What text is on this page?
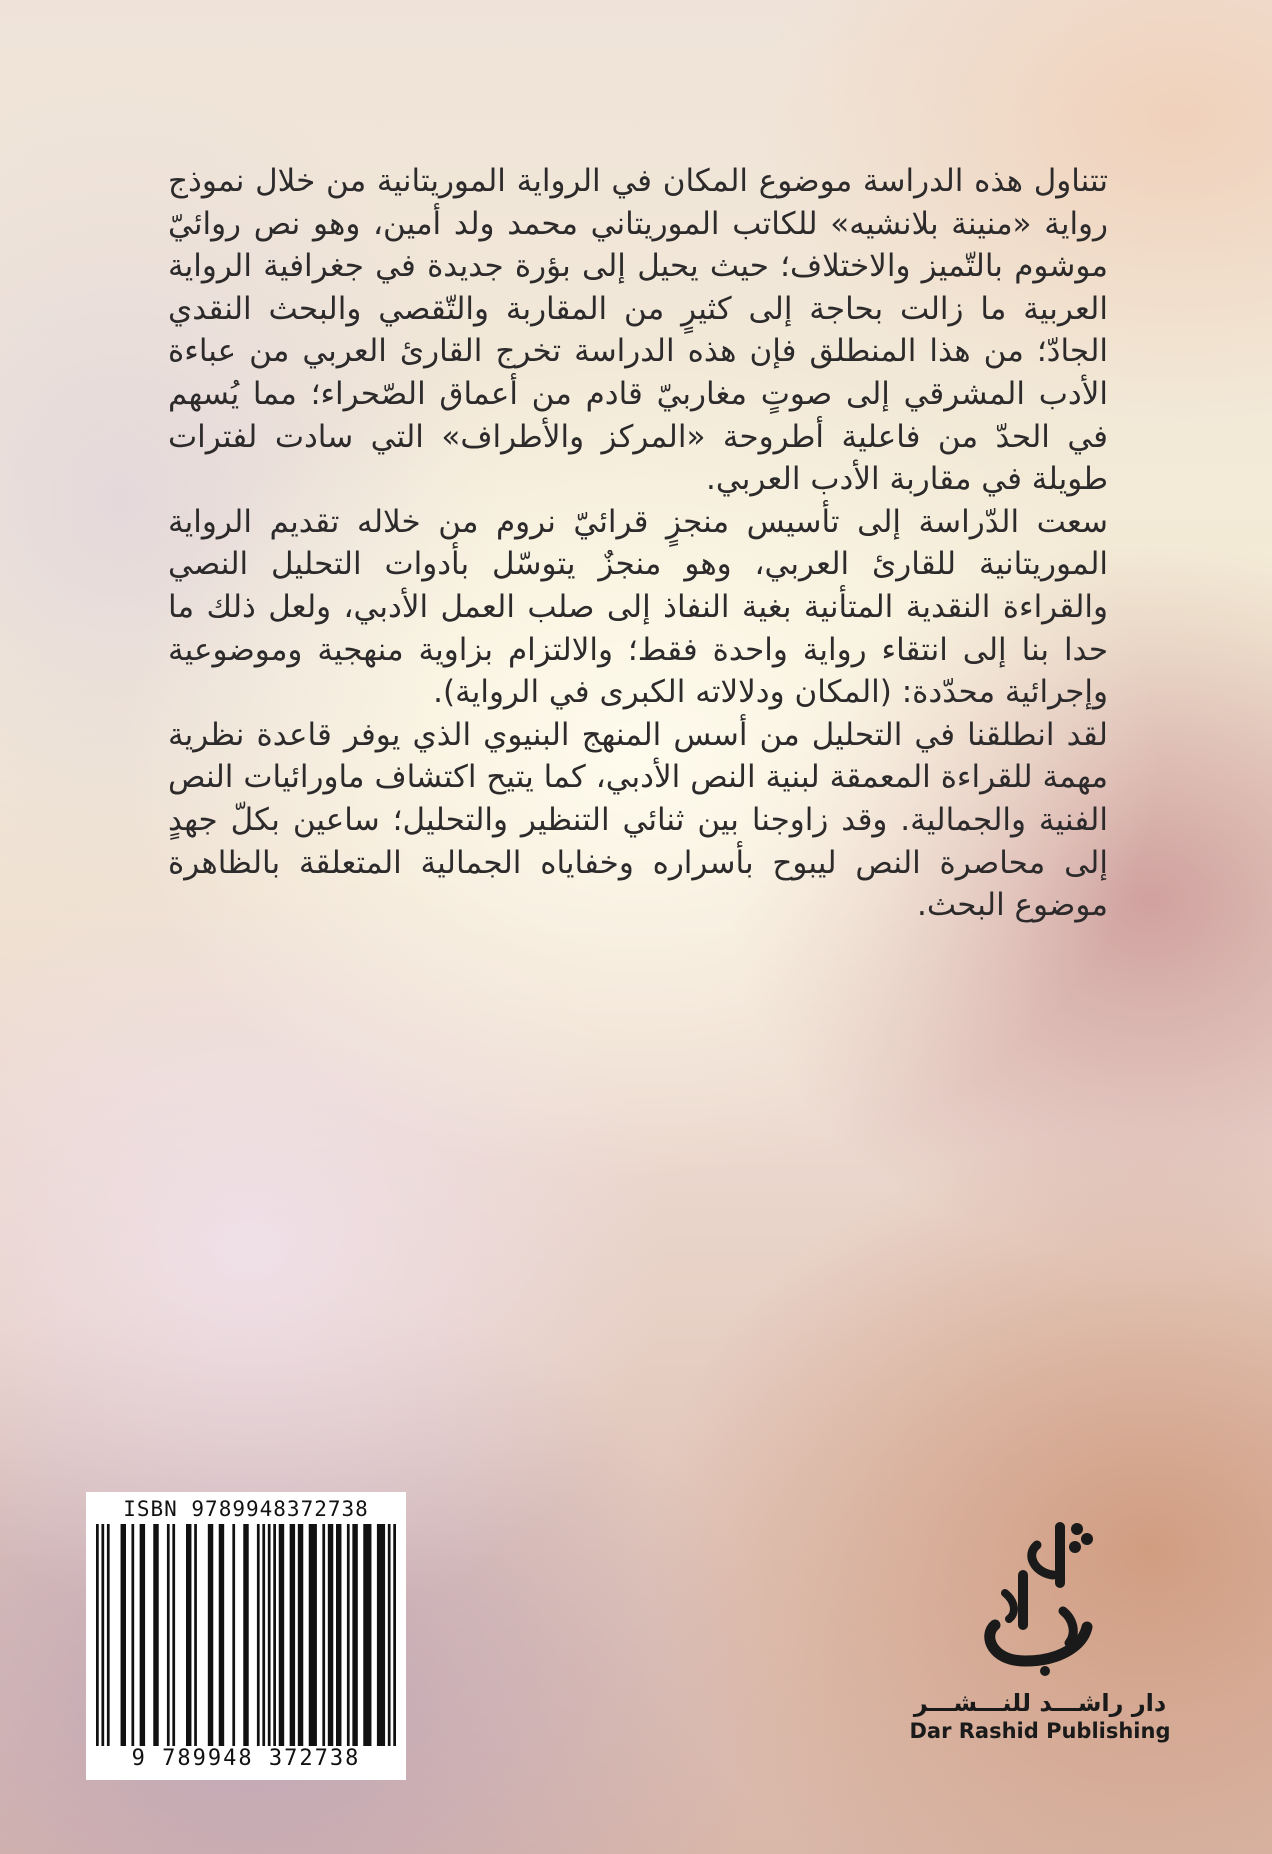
تتناول هذه الدراسة موضوع المكان في الرواية الموريتانية من خلال نموذج رواية «منينة بلانشيه» للكاتب الموريتاني محمد ولد أمين، وهو نص روائيّ موشوم بالتّميز والاختلاف؛ حيث يحيل إلى بؤرة جديدة في جغرافية الرواية العربية ما زالت بحاجة إلى كثيرٍ من المقاربة والتّقصي والبحث النقدي الجادّ؛ من هذا المنطلق فإن هذه الدراسة تخرج القارئ العربي من عباءة الأدب المشرقي إلى صوتٍ مغاربيّ قادم من أعماق الصّحراء؛ مما يُسهم في الحدّ من فاعلية أطروحة «المركز والأطراف» التي سادت لفترات طويلة في مقاربة الأدب العربي.

سعت الدّراسة إلى تأسيس منجزٍ قرائيّ نروم من خلاله تقديم الرواية الموريتانية للقارئ العربي، وهو منجزٌ يتوسّل بأدوات التحليل النصي والقراءة النقدية المتأنية بغية النفاذ إلى صلب العمل الأدبي، ولعل ذلك ما حدا بنا إلى انتقاء رواية واحدة فقط؛ والالتزام بزاوية منهجية وموضوعية وإجرائية محدّدة: (المكان ودلالاته الكبرى في الرواية).

لقد انطلقنا في التحليل من أسس المنهج البنيوي الذي يوفر قاعدة نظرية مهمة للقراءة المعمقة لبنية النص الأدبي، كما يتيح اكتشاف ماورائيات النص الفنية والجمالية. وقد زاوجنا بين ثنائي التنظير والتحليل؛ ساعين بكلّ جهدٍ إلى محاصرة النص ليبوح بأسراره وخفاياه الجمالية المتعلقة بالظاهرة موضوع البحث.

ISBN 9789948372738
9 789948 372738
دار راشـــد للنـــشـــر
Dar Rashid Publishing
